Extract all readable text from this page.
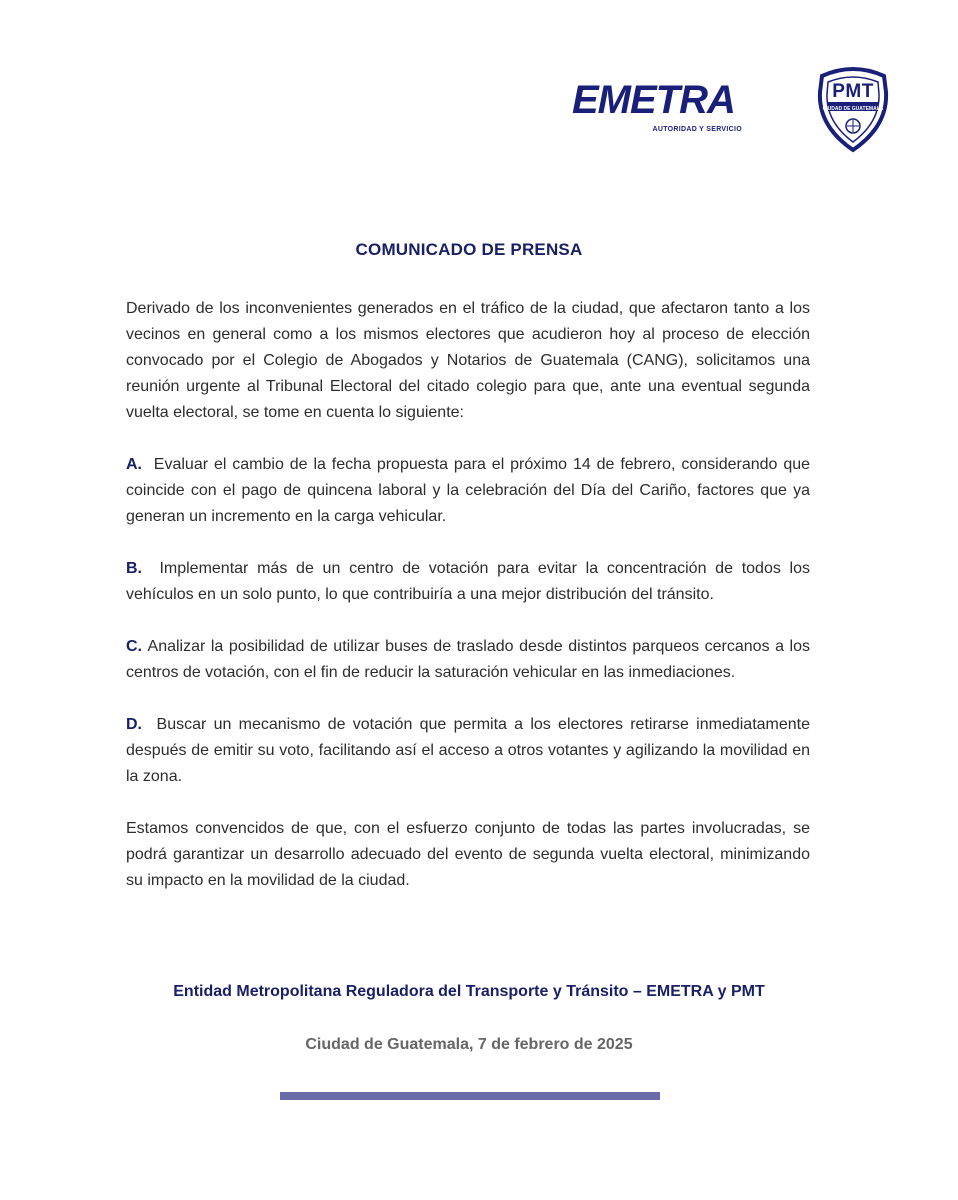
EMETRA
AUTORIDAD Y SERVICIO
PMT
CIUDAD DE GUATEMALA
COMUNICADO DE PRENSA

Derivado de los inconvenientes generados en el tráfico de la ciudad, que afectaron tanto a los vecinos en general como a los mismos electores que acudieron hoy al proceso de elección convocado por el Colegio de Abogados y Notarios de Guatemala (CANG), solicitamos una reunión urgente al Tribunal Electoral del citado colegio para que, ante una eventual segunda vuelta electoral, se tome en cuenta lo siguiente:

A. Evaluar el cambio de la fecha propuesta para el próximo 14 de febrero, considerando que coincide con el pago de quincena laboral y la celebración del Día del Cariño, factores que ya generan un incremento en la carga vehicular.

B. Implementar más de un centro de votación para evitar la concentración de todos los vehículos en un solo punto, lo que contribuiría a una mejor distribución del tránsito.

C. Analizar la posibilidad de utilizar buses de traslado desde distintos parqueos cercanos a los centros de votación, con el fin de reducir la saturación vehicular en las inmediaciones.

D. Buscar un mecanismo de votación que permita a los electores retirarse inmediatamente después de emitir su voto, facilitando así el acceso a otros votantes y agilizando la movilidad en la zona.

Estamos convencidos de que, con el esfuerzo conjunto de todas las partes involucradas, se podrá garantizar un desarrollo adecuado del evento de segunda vuelta electoral, minimizando su impacto en la movilidad de la ciudad.

Entidad Metropolitana Reguladora del Transporte y Tránsito – EMETRA y PMT
Ciudad de Guatemala, 7 de febrero de 2025
